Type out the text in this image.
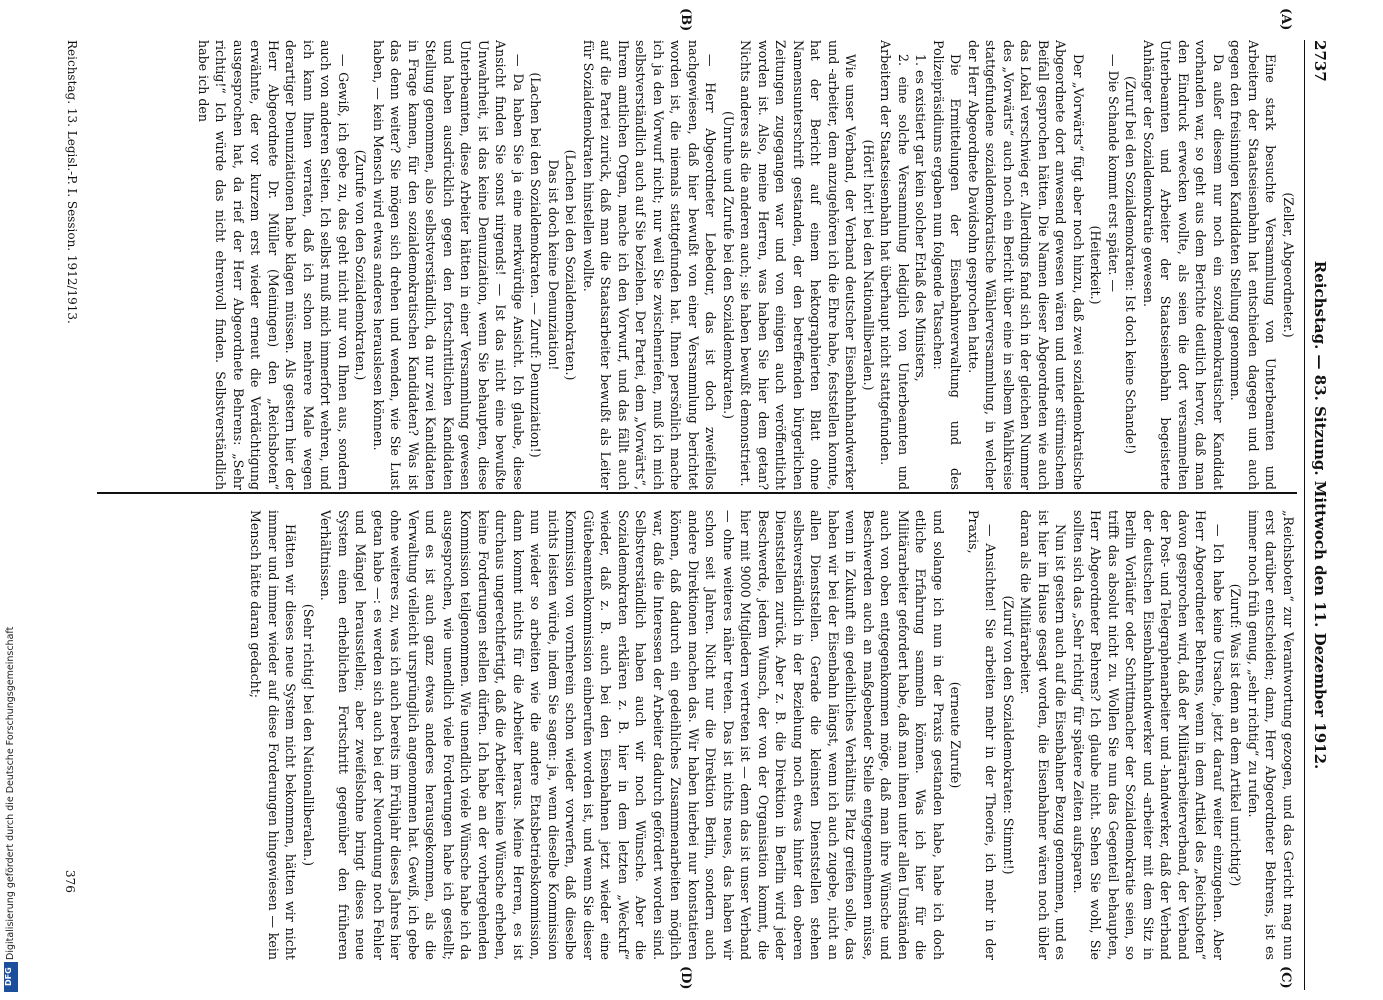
Digitalisierung gefördert durch die Deutsche Forschungsgemeinschaft
DFG
2737
Reichstag. — 83. Sitzung. Mittwoch den 11. Dezember 1912.
(A)
(B)
(C)
(D)

(Zeller, Abgeordneter.)

Eine stark besuchte Versammlung von Unterbeamten und Arbeitern der Staatseisenbahn hat entschieden dagegen und auch gegen den freisinnigen Kandidaten Stellung genommen.

Da außer diesem nur noch ein sozialdemokratischer Kandidat vorhanden war, so geht aus dem Berichte deutlich hervor, daß man den Eindruck erwecken wollte, als seien die dort versammelten Unterbeamten und Arbeiter der Staatseisenbahn begeisterte Anhänger der Sozialdemokratie gewesen.

(Zuruf bei den Sozialdemokraten: Ist doch keine Schande!)

— Die Schande kommt erst später. —

(Heiterkeit.)

Der „Vorwärts“ fügt aber noch hinzu, daß zwei sozialdemokratische Abgeordnete dort anwesend gewesen wären und unter stürmischem Beifall gesprochen hätten. Die Namen dieser Abgeordneten wie auch das Lokal verschwieg er. Allerdings fand sich in der gleichen Nummer des „Vorwärts“ auch noch ein Bericht über eine in selbem Wahlkreise stattgefundene sozialdemokratische Wählerversammlung, in welcher der Herr Abgeordnete Davidsohn gesprochen hatte.

Die Ermittelungen der Eisenbahnverwaltung und des Polizeipräsidiums ergaben nun folgende Tatsachen:

1. es existiert gar kein solcher Erlaß des Ministers,

2. eine solche Versammlung lediglich von Unterbeamten und Arbeitern der Staatseisenbahn hat überhaupt nicht stattgefunden.

(Hört! hört! bei den Nationalliberalen.)

Wie unser Verband, der Verband deutscher Eisenbahnhandwerker und -arbeiter, dem anzugehören ich die Ehre habe, feststellen konnte, hat der Bericht auf einem hektographierten Blatt ohne Namensunterschrift gestanden, der den betreffenden bürgerlichen Zeitungen zugegangen war und von einigen auch veröffentlicht worden ist. Also, meine Herren, was haben Sie hier dem getan? Nichts anderes als die anderen auch; sie haben bewußt demonstriert.

(Unruhe und Zurufe bei den Sozialdemokraten.)

— Herr Abgeordneter Lebedour, das ist doch zweifellos nachgewiesen, daß hier bewußt von einer Versammlung berichtet worden ist, die niemals stattgefunden hat. Ihnen persönlich mache ich ja den Vorwurf nicht; nur weil Sie zwischenriefen, muß ich mich selbstverständlich auch auf Sie beziehen. Der Partei, dem „Vorwärts“, Ihrem amtlichen Organ, mache ich den Vorwurf, und das fällt auch auf die Partei zurück, daß man die Staatsarbeiter bewußt als Leiter für Sozialdemokraten hinstellen wollte.

(Lachen bei den Sozialdemokraten.)

Das ist doch keine Denunziation!

(Lachen bei den Sozialdemokraten. — Zuruf: Denunziation!)

— Da haben Sie ja eine merkwürdige Ansicht. Ich glaube, diese Ansicht finden Sie sonst nirgends! — Ist das nicht eine bewußte Unwahrheit, ist das keine Denunziation, wenn Sie behaupten, diese Unterbeamten, diese Arbeiter hätten in einer Versammlung gewesen und haben ausdrücklich gegen den fortschrittlichen Kandidaten Stellung genommen, also selbstverständlich, da nur zwei Kandidaten in Frage kamen, für den sozialdemokratischen Kandidaten? Was ist das denn weiter? Sie mögen sich drehen und wenden, wie Sie Lust haben, — kein Mensch wird etwas anderes herauslesen können.

(Zurufe von den Sozialdemokraten.)

— Gewiß, ich gebe zu, das geht nicht nur von Ihnen aus, sondern auch von anderen Seiten. Ich selbst muß mich immerfort wehren, und ich kann Ihnen verraten, daß ich schon mehrere Male wegen derartiger Denunziationen habe klagen müssen. Als gestern hier der Herr Abgeordnete Dr. Müller (Meiningen) den „Reichsboten“ erwähnte, der vor kurzem erst wieder erneut die Verdächtigung ausgesprochen hat, da rief der Herr Abgeordnete Behrens: „Sehr richtig!“ Ich würde das nicht ehrenvoll finden. Selbstverständlich habe ich den

„Reichsboten“ zur Verantwortung gezogen, und das Gericht mag nun erst darüber entscheiden; dann, Herr Abgeordneter Behrens, ist es immer noch früh genug, „sehr richtig“ zu rufen.

(Zuruf: Was ist denn an dem Artikel unrichtig?)

— Ich habe keine Ursache, jetzt darauf weiter einzugehen. Aber Herr Abgeordneter Behrens, wenn in dem Artikel des „Reichsboten“ davon gesprochen wird, daß der Militärarbeiterverband, der Verband der Post- und Telegraphenarbeiter und -handwerker, daß der Verband der deutschen Eisenbahnhandwerker und -arbeiter mit dem Sitz in Berlin Vorläufer oder Schrittmacher der Sozialdemokratie seien, so trifft das absolut nicht zu. Wollen Sie nun das Gegenteil behaupten, Herr Abgeordneter Behrens? Ich glaube nicht. Sehen Sie wohl, Sie sollten sich das „Sehr richtig“ für spätere Zeiten aufsparen.

Nun ist gestern auch auf die Eisenbahner Bezug genommen, und es ist hier im Hause gesagt worden, die Eisenbahner wären noch übler daran als die Militärarbeiter.

(Zuruf von den Sozialdemokraten: Stimmt!)

— Ansichten! Sie arbeiten mehr in der Theorie, ich mehr in der Praxis,

(erneute Zurufe)

und solange ich nun in der Praxis gestanden habe, habe ich doch etliche Erfahrung sammeln können. Was ich hier für die Militärarbeiter gefordert habe, daß man ihnen unter allen Umständen auch von oben entgegenkommen möge, daß man ihre Wünsche und Beschwerden auch an maßgebender Stelle entgegennehmen müsse, wenn in Zukunft ein gedeihliches Verhältnis Platz greifen solle, das haben wir bei der Eisenbahn längst, wenn ich auch zugebe, nicht an allen Dienststellen. Gerade die kleinsten Dienststellen stehen selbstverständlich in der Beziehung noch etwas hinter den oberen Dienststellen zurück. Aber z. B. die Direktion in Berlin wird jeder Beschwerde, jedem Wunsch, der von der Organisation kommt, die hier mit 9000 Mitgliedern vertreten ist — denn das ist unser Verband — ohne weiteres näher treten. Das ist nichts neues, das haben wir schon seit Jahren. Nicht nur die Direktion Berlin, sondern auch andere Direktionen machen das. Wir haben hierbei nur konstatieren können, daß dadurch ein gedeihliches Zusammenarbeiten möglich war, daß die Interessen der Arbeiter dadurch gefördert worden sind. Selbstverständlich haben auch wir noch Wünsche. Aber die Sozialdemokraten erklären z. B. hier in dem letzten „Weckruf“ wieder, daß z. B. auch bei den Eisenbahnen jetzt wieder eine Gütebeamtenkommission einberufen worden ist, und wenn Sie dieser Kommission von vornherein schon wieder vorwerfen, daß dieselbe nichts leisten würde, indem Sie sagen: ja, wenn dieselbe Kommission nun wieder so arbeiten wie die andere Etatsbetriebskommission, dann kommt nichts für die Arbeiter heraus. Meine Herren, es ist durchaus ungerechtfertigt, daß die Arbeiter keine Wünsche erheben, keine Forderungen stellen dürfen. Ich habe an der vorhergehenden Kommission teilgenommen. Wie unendlich viele Wünsche habe ich da ausgesprochen, wie unendlich viele Forderungen habe ich gestellt; und es ist auch ganz etwas anderes herausgekommen, als die Verwaltung vielleicht ursprünglich angenommen hat. Gewiß, ich gebe ohne weiteres zu, was ich auch bereits im Frühjahr dieses Jahres hier getan habe —: es werden sich auch bei der Neuordnung noch Fehler und Mängel herausstellen; aber zweifelsohne bringt dieses neue System einen erheblichen Fortschritt gegenüber den früheren Verhältnissen.

(Sehr richtig! bei den Nationalliberalen.)

Hätten wir dieses neue System nicht bekommen, hätten wir nicht immer und immer wieder auf diese Forderungen hingewiesen — kein Mensch hätte daran gedacht;

Reichstag. 13. Legisl.-P. I. Session. 1912/1913.
376
